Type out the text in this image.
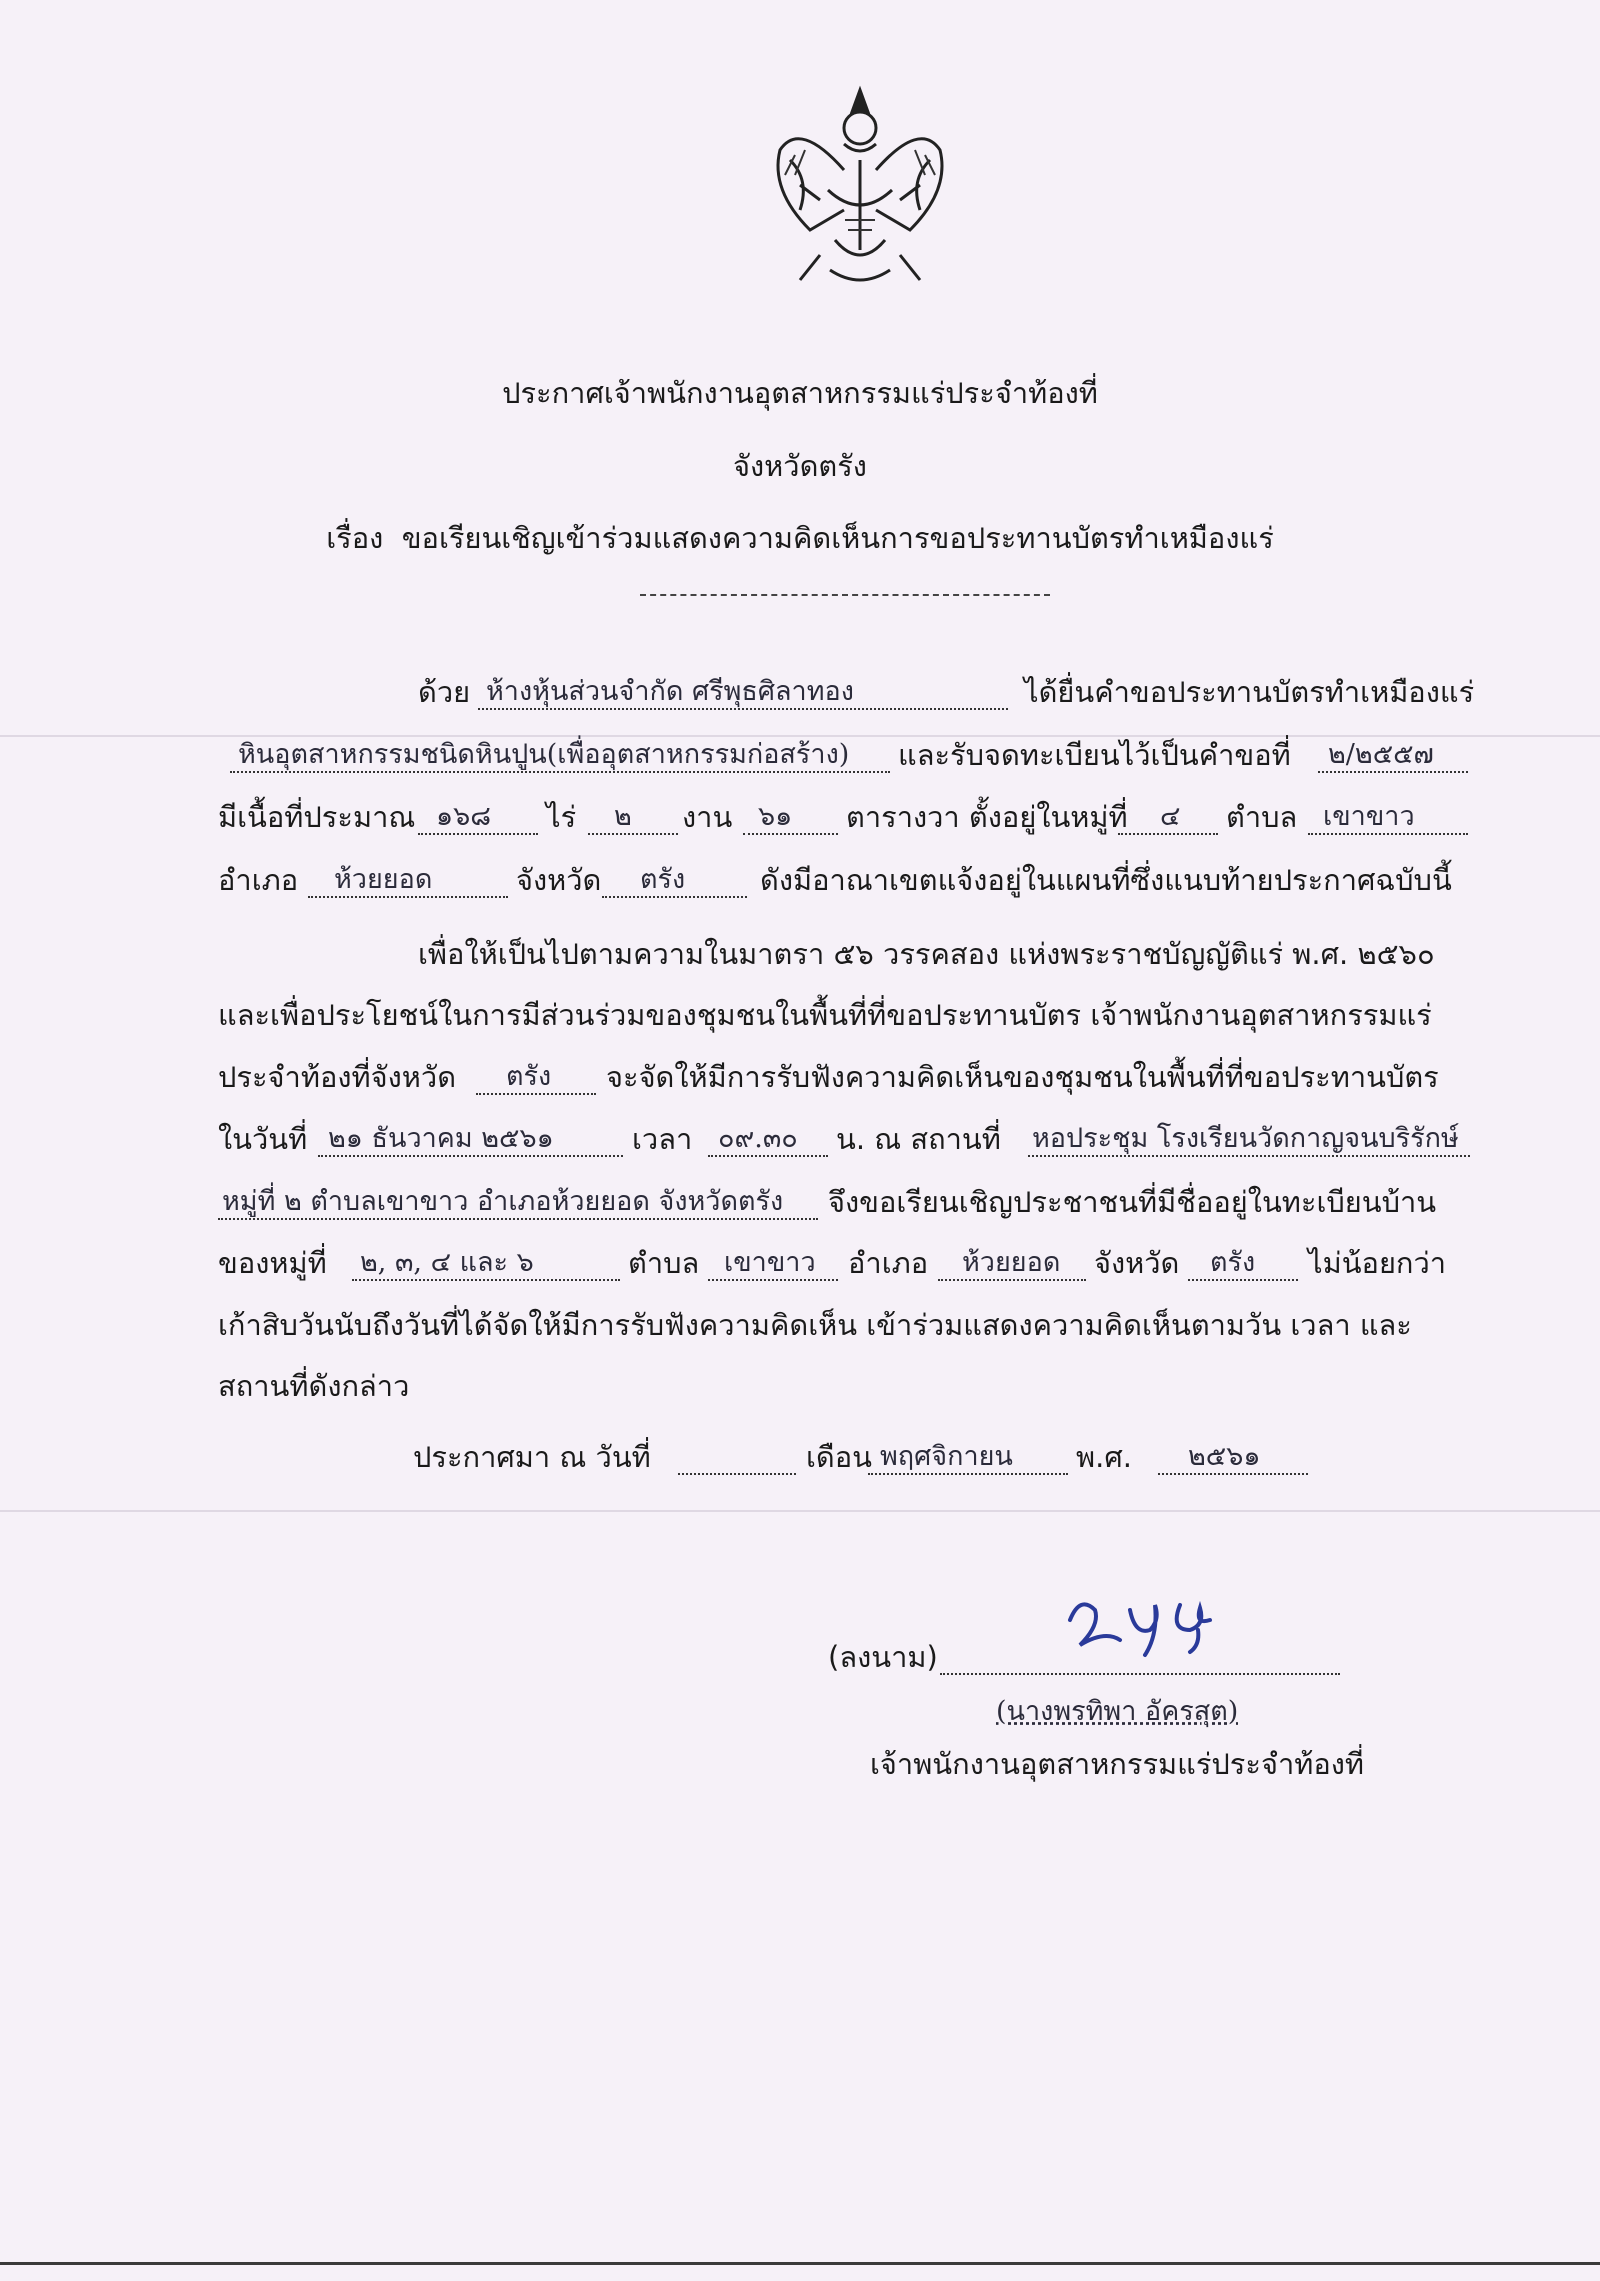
ประกาศเจ้าพนักงานอุตสาหกรรมแร่ประจำท้องที่
จังหวัดตรัง
เรื่อง ขอเรียนเชิญเข้าร่วมแสดงความคิดเห็นการขอประทานบัตรทำเหมืองแร่
ด้วย ห้างหุ้นส่วนจำกัด ศรีพุธศิลาทอง	ได้ยื่นคำขอประทานบัตรทำเหมืองแร่
หินอุตสาหกรรมชนิดหินปูน(เพื่ออุตสาหกรรมก่อสร้าง) และรับจดทะเบียนไว้เป็นคำขอที่ ๒/๒๕๕๗
มีเนื้อที่ประมาณ ๑๖๘ ไร่ ๒ งาน ๖๑ ตารางวา ตั้งอยู่ในหมู่ที่ ๔ ตำบล เขาขาว
อำเภอ ห้วยยอด	จังหวัด ตรัง	ดังมีอาณาเขตแจ้งอยู่ในแผนที่ซึ่งแนบท้ายประกาศฉบับนี้
เพื่อให้เป็นไปตามความในมาตรา ๕๖ วรรคสอง แห่งพระราชบัญญัติแร่ พ.ศ. ๒๕๖๐
และเพื่อประโยชน์ในการมีส่วนร่วมของชุมชนในพื้นที่ที่ขอประทานบัตร เจ้าพนักงานอุตสาหกรรมแร่
ประจำท้องที่จังหวัด ตรัง จะจัดให้มีการรับฟังความคิดเห็นของชุมชนในพื้นที่ที่ขอประทานบัตร
ในวันที่ ๒๑ ธันวาคม ๒๕๖๑	เวลา ๐๙.๓๐ น. ณ สถานที่ หอประชุม โรงเรียนวัดกาญจนบริรักษ์
หมู่ที่ ๒ ตำบลเขาขาว อำเภอห้วยยอด จังหวัดตรัง จึงขอเรียนเชิญประชาชนที่มีชื่ออยู่ในทะเบียนบ้าน
ของหมู่ที่ ๒, ๓, ๔ และ ๖	ตำบล เขาขาว อำเภอ ห้วยยอด จังหวัด ตรัง ไม่น้อยกว่า
เก้าสิบวันนับถึงวันที่ได้จัดให้มีการรับฟังความคิดเห็น เข้าร่วมแสดงความคิดเห็นตามวัน เวลา และ
สถานที่ดังกล่าว
ประกาศมา ณ วันที่	เดือน พฤศจิกายน พ.ศ. ๒๕๖๑
(ลงนาม)
(นางพรทิพา อัครสุต)
เจ้าพนักงานอุตสาหกรรมแร่ประจำท้องที่
